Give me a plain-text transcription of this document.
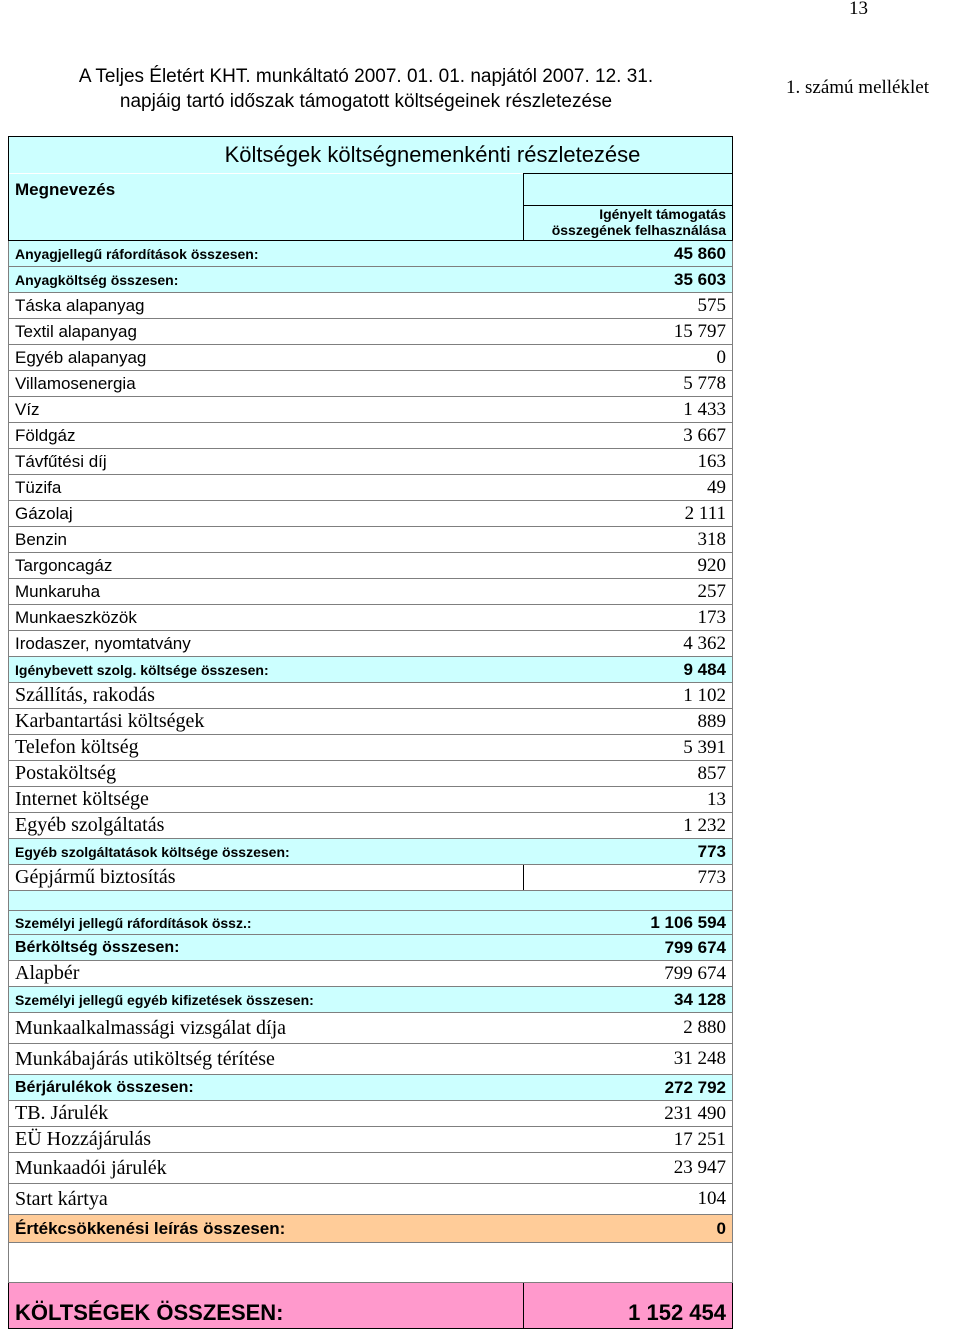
13
A Teljes Életért KHT. munkáltató 2007. 01. 01. napjától 2007. 12. 31.
napjáig tartó időszak támogatott költségeinek részletezése
1. számú melléklet
Költségek költségnemenkénti részletezése	
Megnevezés	

	Igényelt támogatás
összegének felhasználása

Anyagjellegű ráfordítások összesen:	45 860
Anyagköltség összesen:	35 603
Táska alapanyag	575
Textil alapanyag	15 797
Egyéb alapanyag	0
Villamosenergia	5 778
Víz	1 433
Földgáz	3 667
Távfűtési díj	163
Tüzifa	49
Gázolaj	2 111
Benzin	318
Targoncagáz	920
Munkaruha	257
Munkaeszközök	173
Irodaszer, nyomtatvány	4 362
Igénybevett szolg. költsége összesen:	9 484
Szállítás, rakodás	1 102
Karbantartási költségek	889
Telefon költség	5 391
Postaköltség	857
Internet költsége	13
Egyéb szolgáltatás	1 232
Egyéb szolgáltatások költsége összesen:	773
Gépjármű biztosítás	773

Személyi jellegű ráfordítások össz.:	1 106 594
Bérköltség összesen:	799 674
Alapbér	799 674
Személyi jellegű egyéb kifizetések összesen:	34 128
Munkaalkalmassági vizsgálat díja	2 880
Munkábajárás utiköltség térítése	31 248
Bérjárulékok összesen:	272 792
TB. Járulék	231 490
EÜ Hozzájárulás	17 251
Munkaadói járulék	23 947
Start kártya	104
Értékcsökkenési leírás összesen:	0

KÖLTSÉGEK ÖSSZESEN:	1 152 454
